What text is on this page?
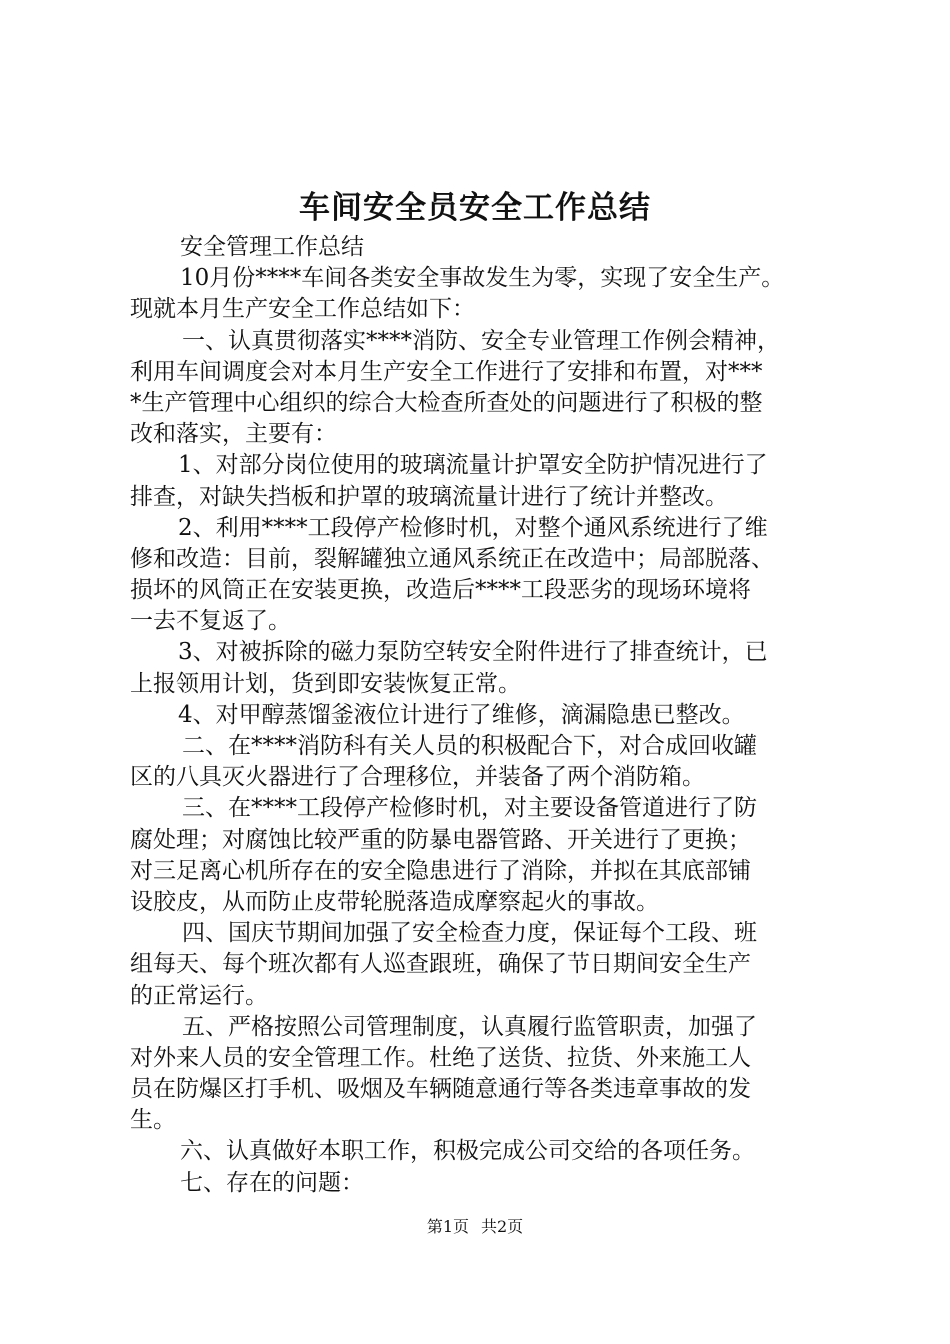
车间安全员安全工作总结
安全管理工作总结
10月份****车间各类安全事故发生为零，实现了安全生产。
现就本月生产安全工作总结如下：
一、认真贯彻落实****消防、安全专业管理工作例会精神，
利用车间调度会对本月生产安全工作进行了安排和布置，对***
*生产管理中心组织的综合大检查所查处的问题进行了积极的整
改和落实，主要有：
1、对部分岗位使用的玻璃流量计护罩安全防护情况进行了
排查，对缺失挡板和护罩的玻璃流量计进行了统计并整改。
2、利用****工段停产检修时机，对整个通风系统进行了维
修和改造：目前，裂解罐独立通风系统正在改造中；局部脱落、
损坏的风筒正在安装更换，改造后****工段恶劣的现场环境将
一去不复返了。
3、对被拆除的磁力泵防空转安全附件进行了排查统计，已
上报领用计划，货到即安装恢复正常。
4、对甲醇蒸馏釜液位计进行了维修，滴漏隐患已整改。
二、在****消防科有关人员的积极配合下，对合成回收罐
区的八具灭火器进行了合理移位，并装备了两个消防箱。
三、在****工段停产检修时机，对主要设备管道进行了防
腐处理；对腐蚀比较严重的防暴电器管路、开关进行了更换；
对三足离心机所存在的安全隐患进行了消除，并拟在其底部铺
设胶皮，从而防止皮带轮脱落造成摩察起火的事故。
四、国庆节期间加强了安全检查力度，保证每个工段、班
组每天、每个班次都有人巡查跟班，确保了节日期间安全生产
的正常运行。
五、严格按照公司管理制度，认真履行监管职责，加强了
对外来人员的安全管理工作。杜绝了送货、拉货、外来施工人
员在防爆区打手机、吸烟及车辆随意通行等各类违章事故的发
生。
六、认真做好本职工作，积极完成公司交给的各项任务。
七、存在的问题：
第1页 共2页
